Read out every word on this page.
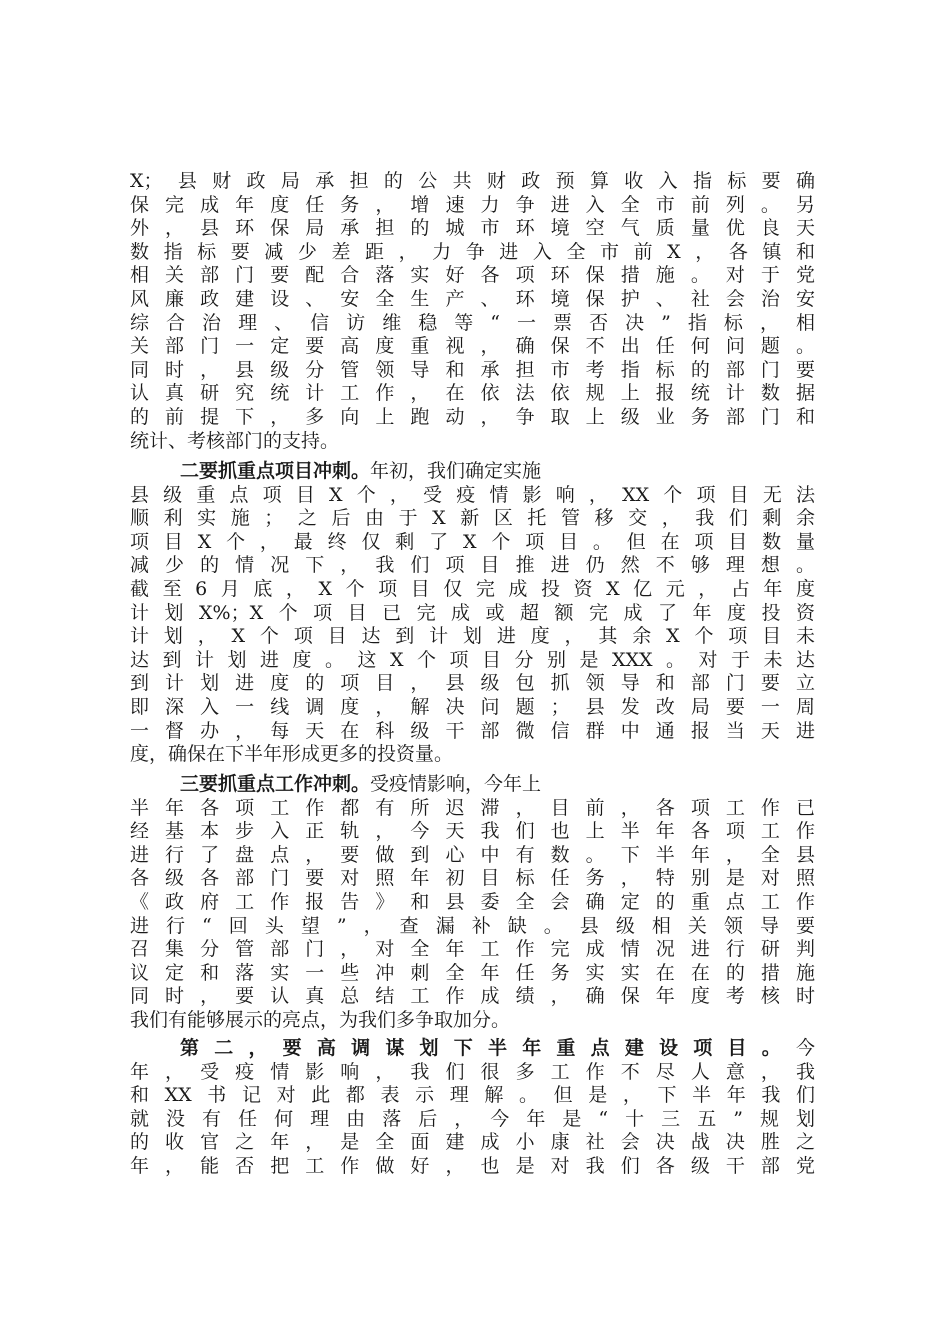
X；县财政局承担的公共财政预算收入指标要确
保完成年度任务，增速力争进入全市前列。另
外，县环保局承担的城市环境空气质量优良天
数指标要减少差距，力争进入全市前X，各镇和
相关部门要配合落实好各项环保措施。对于党
风廉政建设、安全生产、环境保护、社会治安
综合治理、信访维稳等“一票否决”指标，相
关部门一定要高度重视，确保不出任何问题。
同时，县级分管领导和承担市考指标的部门要
认真研究统计工作，在依法依规上报统计数据
的前提下，多向上跑动，争取上级业务部门和
统计、考核部门的支持。
二要抓重点项目冲刺。年初，我们确定实施
县级重点项目X个，受疫情影响，XX个项目无法
顺利实施；之后由于X新区托管移交，我们剩余
项目X个，最终仅剩了X个项目。但在项目数量
减少的情况下，我们项目推进仍然不够理想。
截至6月底，X个项目仅完成投资X亿元，占年度
计划X%；X个项目已完成或超额完成了年度投资
计划，X个项目达到计划进度，其余X个项目未
达到计划进度。这X个项目分别是XXX。对于未达
到计划进度的项目，县级包抓领导和部门要立
即深入一线调度，解决问题；县发改局要一周
一督办，每天在科级干部微信群中通报当天进
度，确保在下半年形成更多的投资量。
三要抓重点工作冲刺。受疫情影响，今年上
半年各项工作都有所迟滞，目前，各项工作已
经基本步入正轨，今天我们也上半年各项工作
进行了盘点，要做到心中有数。下半年，全县
各级各部门要对照年初目标任务，特别是对照
《政府工作报告》和县委全会确定的重点工作
进行“回头望”，查漏补缺。县级相关领导要
召集分管部门，对全年工作完成情况进行研判
议定和落实一些冲刺全年任务实实在在的措施
同时，要认真总结工作成绩，确保年度考核时
我们有能够展示的亮点，为我们多争取加分。
第二，要高调谋划下半年重点建设项目。今
年，受疫情影响，我们很多工作不尽人意，我
和XX书记对此都表示理解。但是，下半年我们
就没有任何理由落后，今年是“十三五”规划
的收官之年，是全面建成小康社会决战决胜之
年，能否把工作做好，也是对我们各级干部党
